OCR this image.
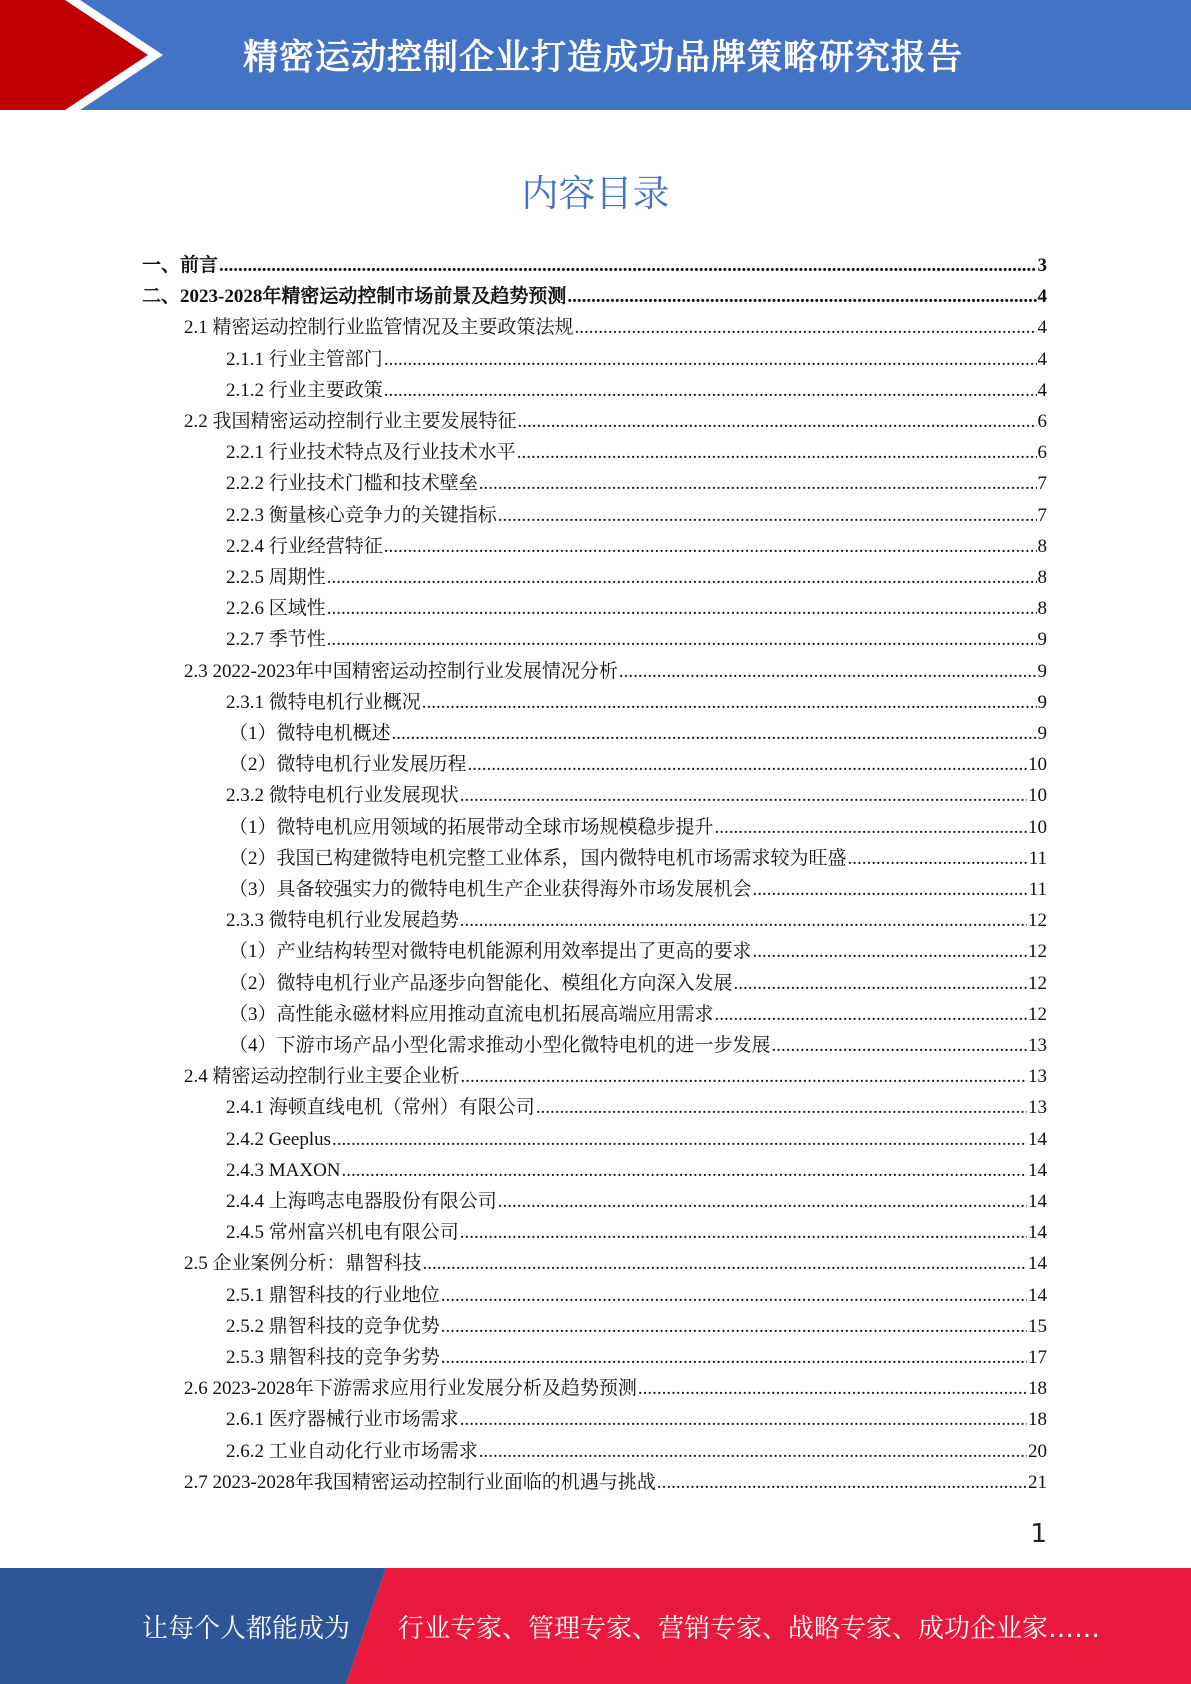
精密运动控制企业打造成功品牌策略研究报告
内容目录
一、前言 .....	3
二、2023-2028年精密运动控制市场前景及趋势预测 .....	4
2.1 精密运动控制行业监管情况及主要政策法规 .....	4
2.1.1 行业主管部门 .....	4
2.1.2 行业主要政策 .....	4
2.2 我国精密运动控制行业主要发展特征 .....	6
2.2.1 行业技术特点及行业技术水平 .....	6
2.2.2 行业技术门槛和技术壁垒 .....	7
2.2.3 衡量核心竞争力的关键指标 .....	7
2.2.4 行业经营特征 .....	8
2.2.5 周期性 .....	8
2.2.6 区域性 .....	8
2.2.7 季节性 .....	9
2.3 2022-2023年中国精密运动控制行业发展情况分析 .....	9
2.3.1 微特电机行业概况 .....	9
（1）微特电机概述 .....	9
（2）微特电机行业发展历程 .....	10
2.3.2 微特电机行业发展现状 .....	10
（1）微特电机应用领域的拓展带动全球市场规模稳步提升 .....	10
（2）我国已构建微特电机完整工业体系，国内微特电机市场需求较为旺盛 .....	11
（3）具备较强实力的微特电机生产企业获得海外市场发展机会 .....	11
2.3.3 微特电机行业发展趋势 .....	12
（1）产业结构转型对微特电机能源利用效率提出了更高的要求 .....	12
（2）微特电机行业产品逐步向智能化、模组化方向深入发展 .....	12
（3）高性能永磁材料应用推动直流电机拓展高端应用需求 .....	12
（4）下游市场产品小型化需求推动小型化微特电机的进一步发展 .....	13
2.4 精密运动控制行业主要企业析 .....	13
2.4.1 海顿直线电机（常州）有限公司 .....	13
2.4.2 Geeplus .....	14
2.4.3 MAXON .....	14
2.4.4 上海鸣志电器股份有限公司 .....	14
2.4.5 常州富兴机电有限公司 .....	14
2.5 企业案例分析：鼎智科技 .....	14
2.5.1 鼎智科技的行业地位 .....	14
2.5.2 鼎智科技的竞争优势 .....	15
2.5.3 鼎智科技的竞争劣势 .....	17
2.6 2023-2028年下游需求应用行业发展分析及趋势预测 .....	18
2.6.1 医疗器械行业市场需求 .....	18
2.6.2 工业自动化行业市场需求 .....	20
2.7 2023-2028年我国精密运动控制行业面临的机遇与挑战 .....	21
1
让每个人都能成为 行业专家、管理专家、营销专家、战略专家、成功企业家……
